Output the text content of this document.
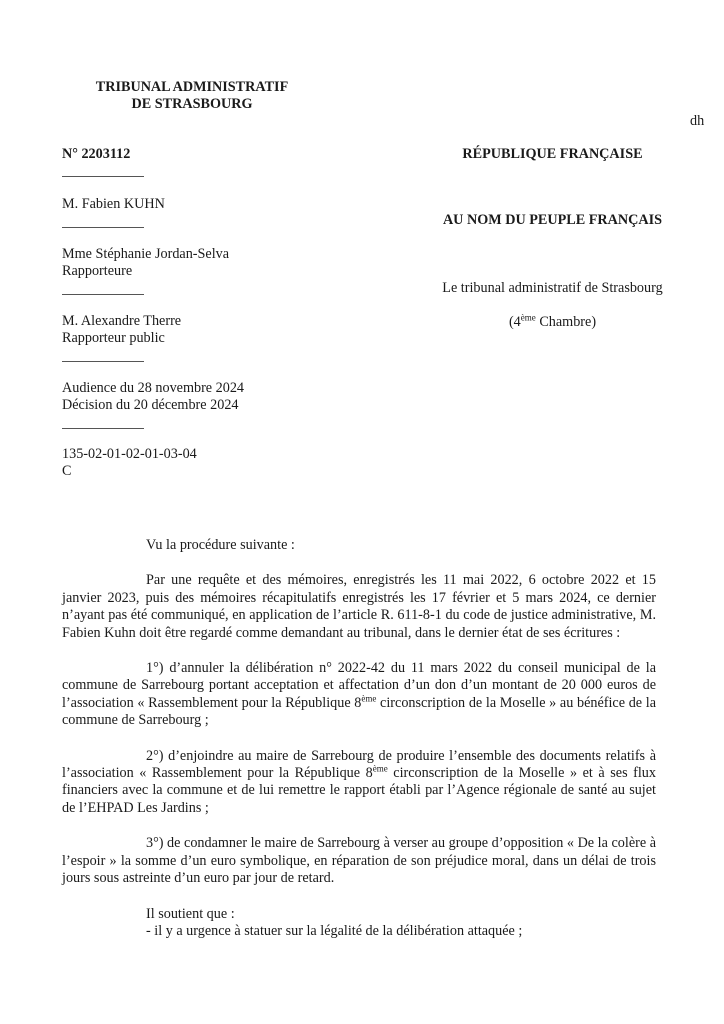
TRIBUNAL ADMINISTRATIF
DE STRASBOURG
dh
N° 2203112
M. Fabien KUHN
Mme Stéphanie Jordan-Selva
Rapporteure
M. Alexandre Therre
Rapporteur public
Audience du 28 novembre 2024
Décision du 20 décembre 2024
135-02-01-02-01-03-04
C
RÉPUBLIQUE FRANÇAISE
AU NOM DU PEUPLE FRANÇAIS
Le tribunal administratif de Strasbourg
(4ème Chambre)

Vu la procédure suivante :

Par une requête et des mémoires, enregistrés les 11 mai 2022, 6 octobre 2022 et 15 janvier 2023, puis des mémoires récapitulatifs enregistrés les 17 février et 5 mars 2024, ce dernier n’ayant pas été communiqué, en application de l’article R. 611-8-1 du code de justice administrative, M. Fabien Kuhn doit être regardé comme demandant au tribunal, dans le dernier état de ses écritures :

1°) d’annuler la délibération n° 2022-42 du 11 mars 2022 du conseil municipal de la commune de Sarrebourg portant acceptation et affectation d’un don d’un montant de 20 000 euros de l’association « Rassemblement pour la République 8ème circonscription de la Moselle » au bénéfice de la commune de Sarrebourg ;

2°) d’enjoindre au maire de Sarrebourg de produire l’ensemble des documents relatifs à l’association « Rassemblement pour la République 8ème circonscription de la Moselle » et à ses flux financiers avec la commune et de lui remettre le rapport établi par l’Agence régionale de santé au sujet de l’EHPAD Les Jardins ;

3°) de condamner le maire de Sarrebourg à verser au groupe d’opposition « De la colère à l’espoir » la somme d’un euro symbolique, en réparation de son préjudice moral, dans un délai de trois jours sous astreinte d’un euro par jour de retard.

Il soutient que :

- il y a urgence à statuer sur la légalité de la délibération attaquée ;
